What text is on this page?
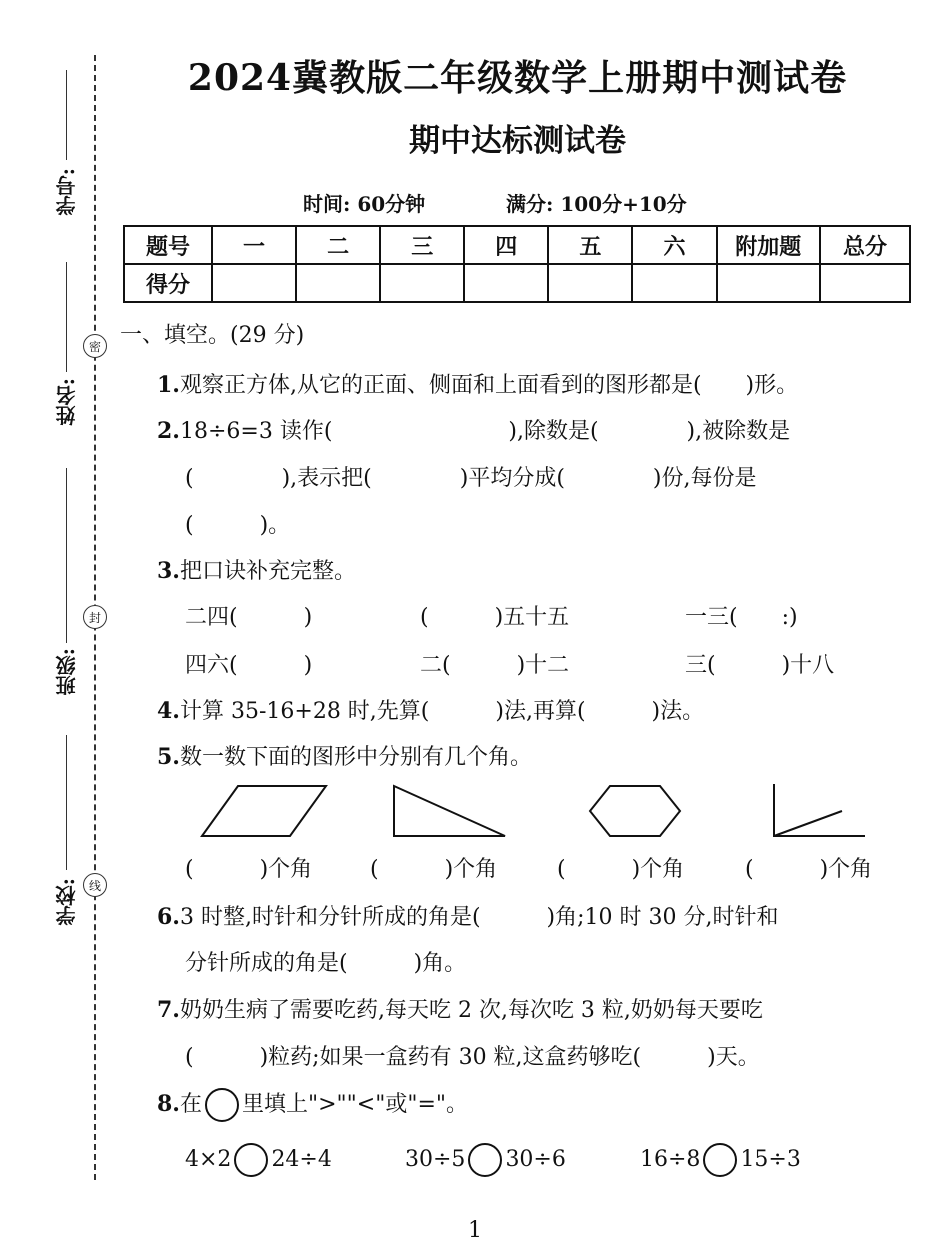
学号:
姓名:
班级:
学校:
密
封
线
2024冀教版二年级数学上册期中测试卷
期中达标测试卷
时间: 60分钟	满分: 100分+10分
题号	一	二	三	四	五	六	附加题	总分
得分								
一、填空。(29 分)
1.观察正方体,从它的正面、侧面和上面看到的图形都是(　　)形。
2.18÷6=3 读作(　　　　　　　　),除数是(　　　　),被除数是
(　　　　),表示把(　　　　)平均分成(　　　　)份,每份是
(　　　)。
3.把口诀补充完整。
二四(　　　)	(　　　)五十五	一三(　　:)
四六(　　　)	二(　　　)十二	三(　　　)十八
4.计算 35-16+28 时,先算(　　　)法,再算(　　　)法。
5.数一数下面的图形中分别有几个角。
(　　　)个角	(　　　)个角	(　　　)个角	(　　　)个角
6.3 时整,时针和分针所成的角是(　　　)角;10 时 30 分,时针和
分针所成的角是(　　　)角。
7.奶奶生病了需要吃药,每天吃 2 次,每次吃 3 粒,奶奶每天要吃
(　　　)粒药;如果一盒药有 30 粒,这盒药够吃(　　　)天。
8.在 里填上">""<"或"="。
4×2 24÷4	30÷5 30÷6	16÷8 15÷3
1
